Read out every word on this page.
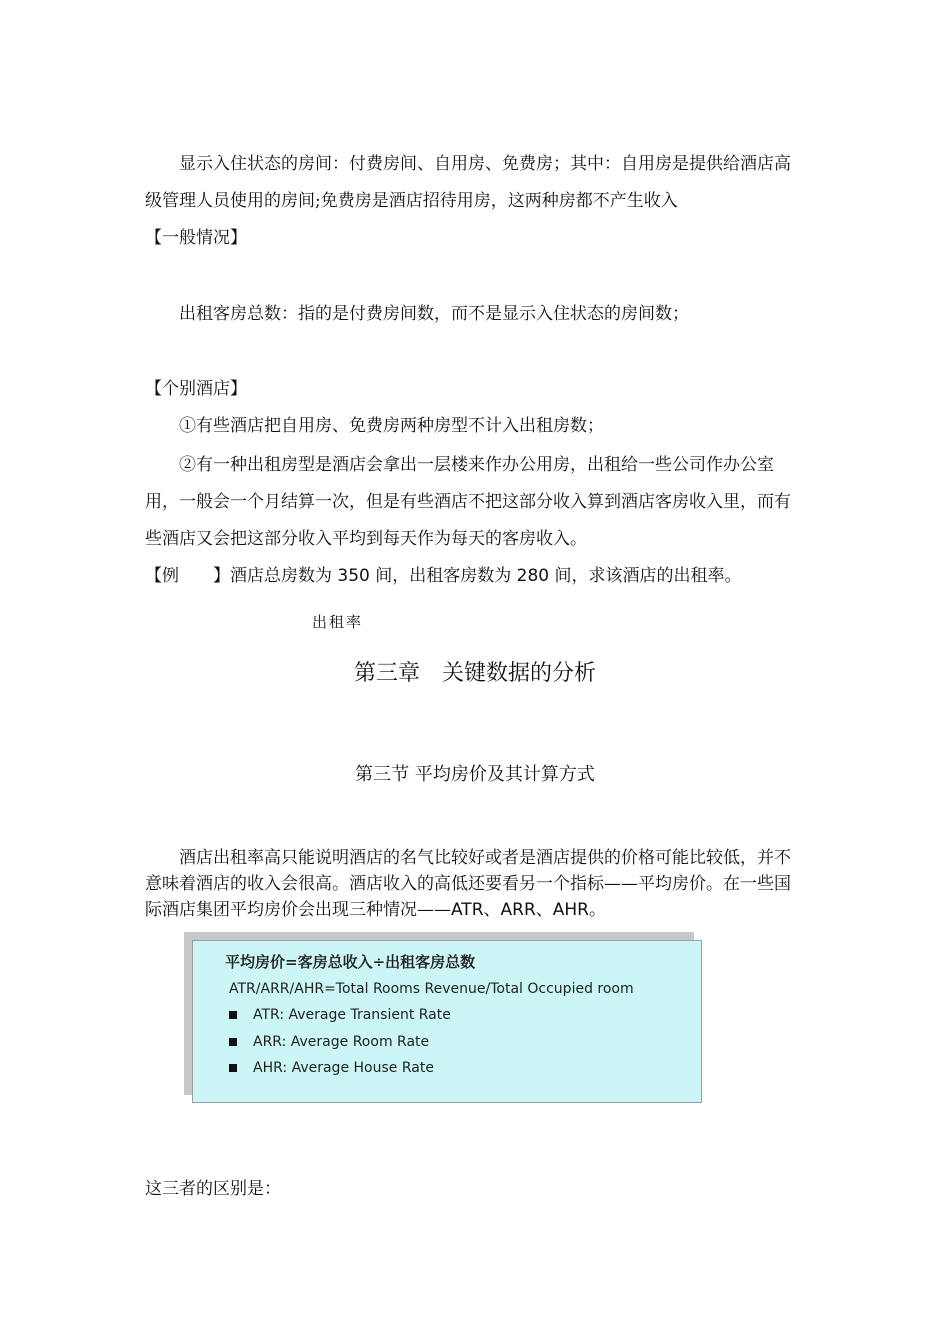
显示入住状态的房间：付费房间、自用房、免费房；其中：自用房是提供给酒店高
级管理人员使用的房间;免费房是酒店招待用房，这两种房都不产生收入
【一般情况】
出租客房总数：指的是付费房间数，而不是显示入住状态的房间数；
【个别酒店】
①有些酒店把自用房、免费房两种房型不计入出租房数；
②有一种出租房型是酒店会拿出一层楼来作办公用房，出租给一些公司作办公室
用，一般会一个月结算一次，但是有些酒店不把这部分收入算到酒店客房收入里，而有
些酒店又会把这部分收入平均到每天作为每天的客房收入。
【例　　】酒店总房数为 350 间，出租客房数为 280 间，求该酒店的出租率。
出租率
第三章　关键数据的分析
第三节 平均房价及其计算方式
酒店出租率高只能说明酒店的名气比较好或者是酒店提供的价格可能比较低，并不
意味着酒店的收入会很高。酒店收入的高低还要看另一个指标——平均房价。在一些国
际酒店集团平均房价会出现三种情况——ATR、ARR、AHR。
平均房价=客房总收入÷出租客房总数
ATR/ARR/AHR=Total Rooms Revenue/Total Occupied room
ATR: Average Transient Rate
ARR: Average Room Rate
AHR: Average House Rate
这三者的区别是：
